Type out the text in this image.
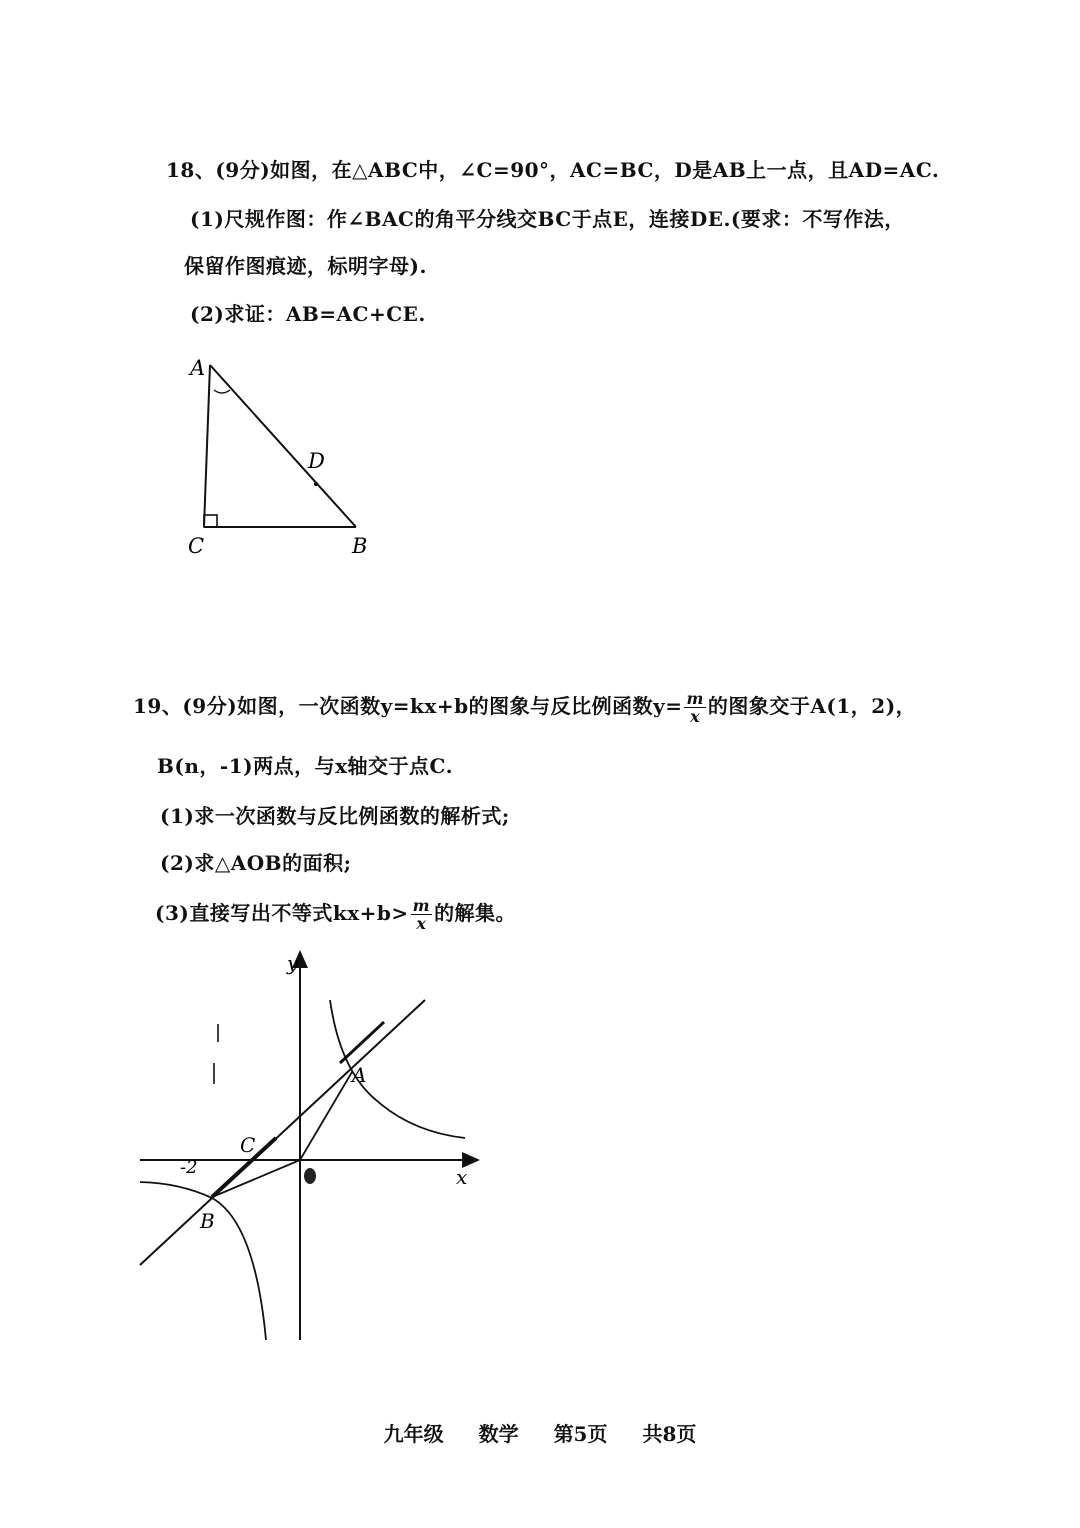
18、(9分)如图，在△ABC中，∠C=90°，AC=BC，D是AB上一点，且AD=AC.
(1)尺规作图：作∠BAC的角平分线交BC于点E，连接DE.(要求：不写作法，
保留作图痕迹，标明字母).
(2)求证：AB=AC+CE.
A
D
C	B
19、(9分)如图，一次函数y=kx+b的图象与反比例函数$y= \frac{m}{x}$ 的图象交于A(1，2)，
B(n，-1)两点，与x轴交于点C.
(1)求一次函数与反比例函数的解析式;
(2)求△AOB的面积;
(3)直接写出不等式$kx+b> \frac{m}{x}$ 的解集。
y
x
A
C
-2
B
九年级 数学 第5页 共8页
